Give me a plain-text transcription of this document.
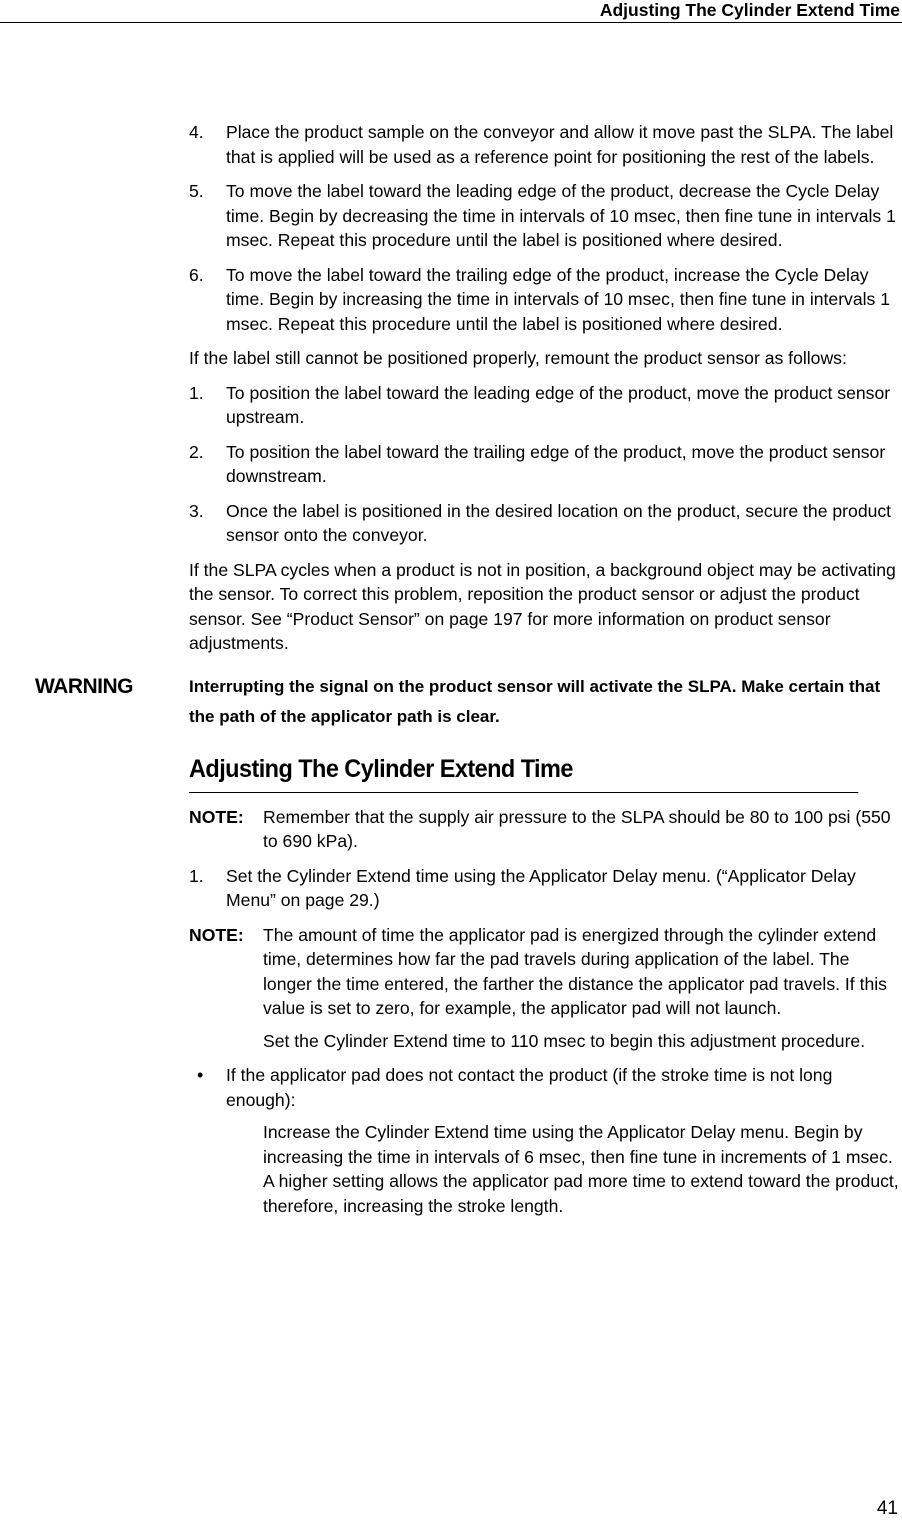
Adjusting The Cylinder Extend Time
4. Place the product sample on the conveyor and allow it move past the SLPA. The label that is applied will be used as a reference point for positioning the rest of the labels.
5. To move the label toward the leading edge of the product, decrease the Cycle Delay time. Begin by decreasing the time in intervals of 10 msec, then fine tune in intervals 1 msec. Repeat this procedure until the label is positioned where desired.
6. To move the label toward the trailing edge of the product, increase the Cycle Delay time. Begin by increasing the time in intervals of 10 msec, then fine tune in intervals 1 msec. Repeat this procedure until the label is positioned where desired.

If the label still cannot be positioned properly, remount the product sensor as follows:

1. To position the label toward the leading edge of the product, move the product sensor upstream.
2. To position the label toward the trailing edge of the product, move the product sensor downstream.
3. Once the label is positioned in the desired location on the product, secure the product sensor onto the conveyor.

If the SLPA cycles when a product is not in position, a background object may be activating the sensor. To correct this problem, reposition the product sensor or adjust the product sensor. See “Product Sensor” on page 197 for more information on product sensor adjustments.

WARNING	Interrupting the signal on the product sensor will activate the SLPA. Make certain that the path of the applicator path is clear.
Adjusting The Cylinder Extend Time
NOTE: Remember that the supply air pressure to the SLPA should be 80 to 100 psi (550 to 690 kPa).
1. Set the Cylinder Extend time using the Applicator Delay menu. (“Applicator Delay Menu” on page 29.)
NOTE: The amount of time the applicator pad is energized through the cylinder extend time, determines how far the pad travels during application of the label. The longer the time entered, the farther the distance the applicator pad travels. If this value is set to zero, for example, the applicator pad will not launch.
Set the Cylinder Extend time to 110 msec to begin this adjustment procedure.
• If the applicator pad does not contact the product (if the stroke time is not long enough):

Increase the Cylinder Extend time using the Applicator Delay menu. Begin by increasing the time in intervals of 6 msec, then fine tune in increments of 1 msec. A higher setting allows the applicator pad more time to extend toward the product, therefore, increasing the stroke length.

41
